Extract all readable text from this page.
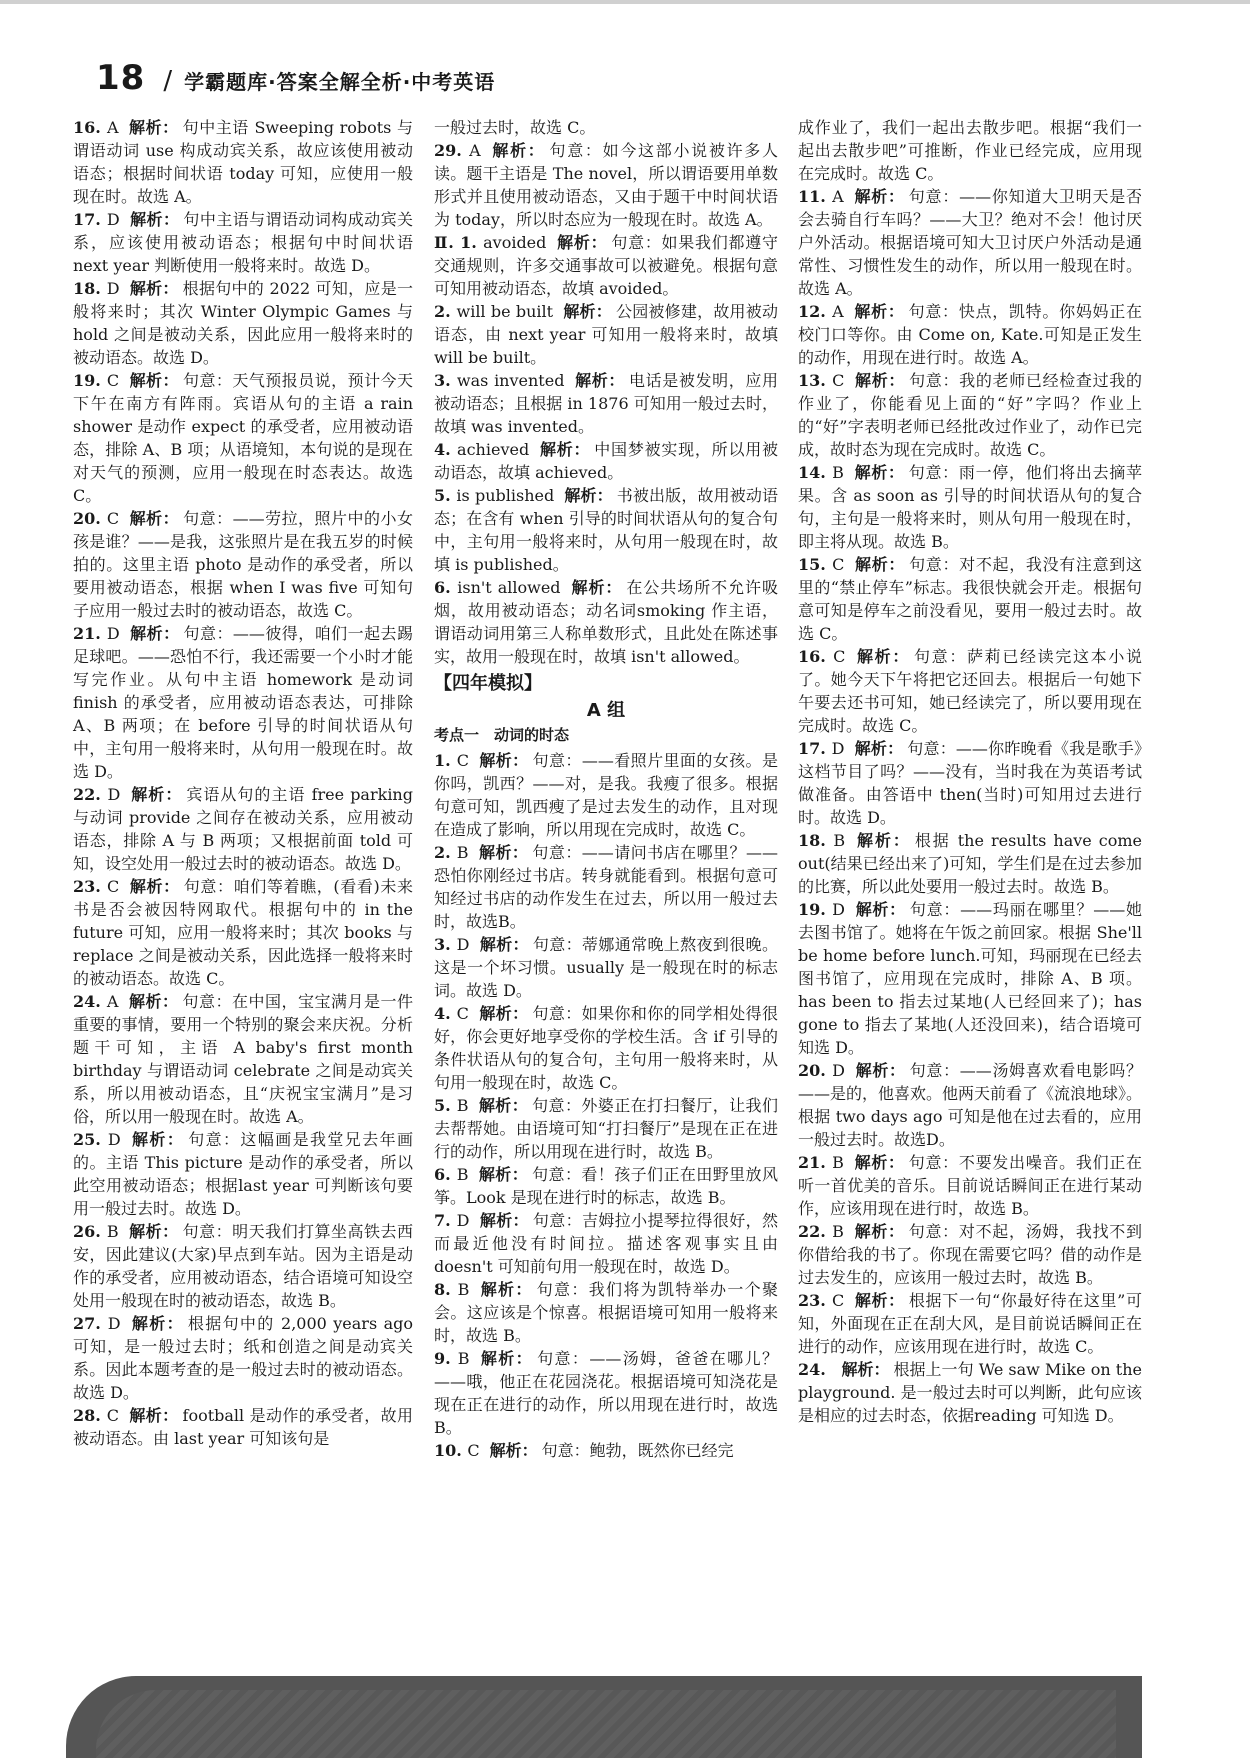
18 / 学霸题库·答案全解全析·中考英语
16. A 解析： 句中主语 Sweeping robots 与谓语动词 use 构成动宾关系，故应该使用被动语态；根据时间状语 today 可知，应使用一般现在时。故选 A。
17. D 解析： 句中主语与谓语动词构成动宾关系，应该使用被动语态；根据句中时间状语 next year 判断使用一般将来时。故选 D。
18. D 解析： 根据句中的 2022 可知，应是一般将来时；其次 Winter Olympic Games 与 hold 之间是被动关系，因此应用一般将来时的被动语态。故选 D。
19. C 解析： 句意：天气预报员说，预计今天下午在南方有阵雨。宾语从句的主语 a rain shower 是动作 expect 的承受者，应用被动语态，排除 A、B 项；从语境知，本句说的是现在对天气的预测，应用一般现在时态表达。故选 C。
20. C 解析： 句意：——劳拉，照片中的小女孩是谁？——是我，这张照片是在我五岁的时候拍的。这里主语 photo 是动作的承受者，所以要用被动语态，根据 when I was five 可知句子应用一般过去时的被动语态，故选 C。
21. D 解析： 句意：——彼得，咱们一起去踢足球吧。——恐怕不行，我还需要一个小时才能写完作业。从句中主语 homework 是动词 finish 的承受者，应用被动语态表达，可排除 A、B 两项；在 before 引导的时间状语从句中，主句用一般将来时，从句用一般现在时。故选 D。
22. D 解析： 宾语从句的主语 free parking 与动词 provide 之间存在被动关系，应用被动语态，排除 A 与 B 两项；又根据前面 told 可知，设空处用一般过去时的被动语态。故选 D。
23. C 解析： 句意：咱们等着瞧，(看看)未来书是否会被因特网取代。根据句中的 in the future 可知，应用一般将来时；其次 books 与 replace 之间是被动关系，因此选择一般将来时的被动语态。故选 C。
24. A 解析： 句意：在中国，宝宝满月是一件重要的事情，要用一个特别的聚会来庆祝。分析题干可知，主语 A baby's first month birthday 与谓语动词 celebrate 之间是动宾关系，所以用被动语态，且“庆祝宝宝满月”是习俗，所以用一般现在时。故选 A。
25. D 解析： 句意：这幅画是我堂兄去年画的。主语 This picture 是动作的承受者，所以此空用被动语态；根据last year 可判断该句要用一般过去时。故选 D。
26. B 解析： 句意：明天我们打算坐高铁去西安，因此建议(大家)早点到车站。因为主语是动作的承受者，应用被动语态，结合语境可知设空处用一般现在时的被动语态，故选 B。
27. D 解析： 根据句中的 2,000 years ago 可知，是一般过去时；纸和创造之间是动宾关系。因此本题考查的是一般过去时的被动语态。故选 D。
28. C 解析： football 是动作的承受者，故用被动语态。由 last year 可知该句是
一般过去时，故选 C。
29. A 解析： 句意：如今这部小说被许多人读。题干主语是 The novel，所以谓语要用单数形式并且使用被动语态，又由于题干中时间状语为 today，所以时态应为一般现在时。故选 A。
Ⅱ. 1. avoided 解析： 句意：如果我们都遵守交通规则，许多交通事故可以被避免。根据句意可知用被动语态，故填 avoided。
2. will be built 解析： 公园被修建，故用被动语态，由 next year 可知用一般将来时，故填 will be built。
3. was invented 解析： 电话是被发明，应用被动语态；且根据 in 1876 可知用一般过去时，故填 was invented。
4. achieved 解析： 中国梦被实现，所以用被动语态，故填 achieved。
5. is published 解析： 书被出版，故用被动语态；在含有 when 引导的时间状语从句的复合句中，主句用一般将来时，从句用一般现在时，故填 is published。
6. isn't allowed 解析： 在公共场所不允许吸烟，故用被动语态；动名词smoking 作主语，谓语动词用第三人称单数形式，且此处在陈述事实，故用一般现在时，故填 isn't allowed。
【四年模拟】
A 组
考点一　动词的时态
1. C 解析： 句意：——看照片里面的女孩。是你吗，凯西？——对，是我。我瘦了很多。根据句意可知，凯西瘦了是过去发生的动作，且对现在造成了影响，所以用现在完成时，故选 C。
2. B 解析： 句意：——请问书店在哪里？——恐怕你刚经过书店。转身就能看到。根据句意可知经过书店的动作发生在过去，所以用一般过去时，故选B。
3. D 解析： 句意：蒂娜通常晚上熬夜到很晚。这是一个坏习惯。usually 是一般现在时的标志词。故选 D。
4. C 解析： 句意：如果你和你的同学相处得很好，你会更好地享受你的学校生活。含 if 引导的条件状语从句的复合句，主句用一般将来时，从句用一般现在时，故选 C。
5. B 解析： 句意：外婆正在打扫餐厅，让我们去帮帮她。由语境可知“打扫餐厅”是现在正在进行的动作，所以用现在进行时，故选 B。
6. B 解析： 句意：看！孩子们正在田野里放风筝。Look 是现在进行时的标志，故选 B。
7. D 解析： 句意：吉姆拉小提琴拉得很好，然而最近他没有时间拉。描述客观事实且由 doesn't 可知前句用一般现在时，故选 D。
8. B 解析： 句意：我们将为凯特举办一个聚会。这应该是个惊喜。根据语境可知用一般将来时，故选 B。
9. B 解析： 句意：——汤姆，爸爸在哪儿？——哦，他正在花园浇花。根据语境可知浇花是现在正在进行的动作，所以用现在进行时，故选 B。
10. C 解析： 句意：鲍勃，既然你已经完
成作业了，我们一起出去散步吧。根据“我们一起出去散步吧”可推断，作业已经完成，应用现在完成时。故选 C。
11. A 解析： 句意：——你知道大卫明天是否会去骑自行车吗？——大卫？绝对不会！他讨厌户外活动。根据语境可知大卫讨厌户外活动是通常性、习惯性发生的动作，所以用一般现在时。故选 A。
12. A 解析： 句意：快点，凯特。你妈妈正在校门口等你。由 Come on, Kate.可知是正发生的动作，用现在进行时。故选 A。
13. C 解析： 句意：我的老师已经检查过我的作业了，你能看见上面的“好”字吗？作业上的“好”字表明老师已经批改过作业了，动作已完成，故时态为现在完成时。故选 C。
14. B 解析： 句意：雨一停，他们将出去摘苹果。含 as soon as 引导的时间状语从句的复合句，主句是一般将来时，则从句用一般现在时，即主将从现。故选 B。
15. C 解析： 句意：对不起，我没有注意到这里的“禁止停车”标志。我很快就会开走。根据句意可知是停车之前没看见，要用一般过去时。故选 C。
16. C 解析： 句意：萨莉已经读完这本小说了。她今天下午将把它还回去。根据后一句她下午要去还书可知，她已经读完了，所以要用现在完成时。故选 C。
17. D 解析： 句意：——你昨晚看《我是歌手》这档节目了吗？——没有，当时我在为英语考试做准备。由答语中 then(当时)可知用过去进行时。故选 D。
18. B 解析： 根据 the results have come out(结果已经出来了)可知，学生们是在过去参加的比赛，所以此处要用一般过去时。故选 B。
19. D 解析： 句意：——玛丽在哪里？——她去图书馆了。她将在午饭之前回家。根据 She'll be home before lunch.可知，玛丽现在已经去图书馆了，应用现在完成时，排除 A、B 项。has been to 指去过某地(人已经回来了)；has gone to 指去了某地(人还没回来)，结合语境可知选 D。
20. D 解析： 句意：——汤姆喜欢看电影吗？——是的，他喜欢。他两天前看了《流浪地球》。根据 two days ago 可知是他在过去看的，应用一般过去时。故选D。
21. B 解析： 句意：不要发出噪音。我们正在听一首优美的音乐。目前说话瞬间正在进行某动作，应该用现在进行时，故选 B。
22. B 解析： 句意：对不起，汤姆，我找不到你借给我的书了。你现在需要它吗？借的动作是过去发生的，应该用一般过去时，故选 B。
23. C 解析： 根据下一句“你最好待在这里”可知，外面现在正在刮大风，是目前说话瞬间正在进行的动作，应该用现在进行时，故选 C。
24. 解析： 根据上一句 We saw Mike on the playground. 是一般过去时可以判断，此句应该是相应的过去时态，依据reading 可知选 D。
